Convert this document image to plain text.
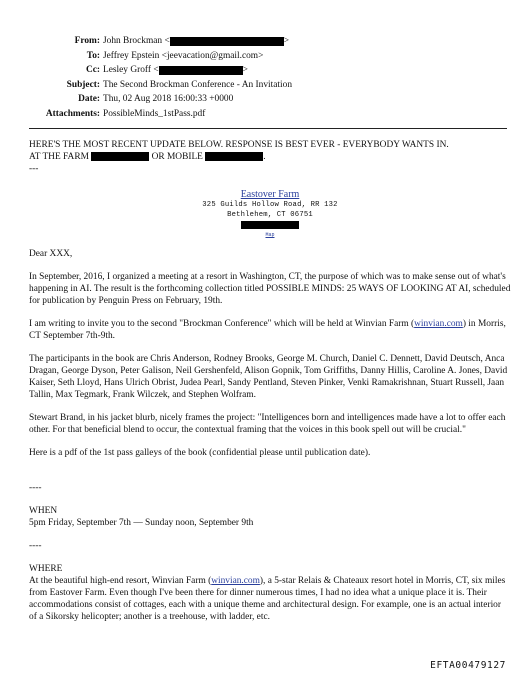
From: John Brockman <	>
To: Jeffrey Epstein <jeevacation@gmail.com>
Cc: Lesley Groff <	>
Subject: The Second Brockman Conference - An Invitation
Date: Thu, 02 Aug 2018 16:00:33 +0000
Attachments: PossibleMinds_1stPass.pdf

HERE'S THE MOST RECENT UPDATE BELOW. RESPONSE IS BEST EVER - EVERYBODY WANTS IN.

AT THE FARM	OR MOBILE	.

---

Eastover Farm
325 Guilds Hollow Road, RR 132
Bethlehem, CT 06751
Map

Dear XXX,

In September, 2016, I organized a meeting at a resort in Washington, CT, the purpose of which was to make sense out of what's happening in AI. The result is the forthcoming collection titled POSSIBLE MINDS: 25 WAYS OF LOOKING AT AI, scheduled for publication by Penguin Press on February, 19th.

I am writing to invite you to the second "Brockman Conference" which will be held at Winvian Farm (winvian.com) in Morris, CT September 7th-9th.

The participants in the book are Chris Anderson, Rodney Brooks, George M. Church, Daniel C. Dennett, David Deutsch, Anca Dragan, George Dyson, Peter Galison, Neil Gershenfeld, Alison Gopnik, Tom Griffiths, Danny Hillis, Caroline A. Jones, David Kaiser, Seth Lloyd, Hans Ulrich Obrist, Judea Pearl, Sandy Pentland, Steven Pinker, Venki Ramakrishnan, Stuart Russell, Jaan Tallin, Max Tegmark, Frank Wilczek, and Stephen Wolfram.

Stewart Brand, in his jacket blurb, nicely frames the project: "Intelligences born and intelligences made have a lot to offer each other. For that beneficial blend to occur, the contextual framing that the voices in this book spell out will be crucial."

Here is a pdf of the 1st pass galleys of the book (confidential please until publication date).

----

WHEN

5pm Friday, September 7th — Sunday noon, September 9th

----

WHERE

At the beautiful high-end resort, Winvian Farm (winvian.com), a 5-star Relais & Chateaux resort hotel in Morris, CT, six miles from Eastover Farm. Even though I've been there for dinner numerous times, I had no idea what a unique place it is. Their accommodations consist of cottages, each with a unique theme and architectural design. For example, one is an actual interior of a Sikorsky helicopter; another is a treehouse, with ladder, etc.

EFTA00479127
